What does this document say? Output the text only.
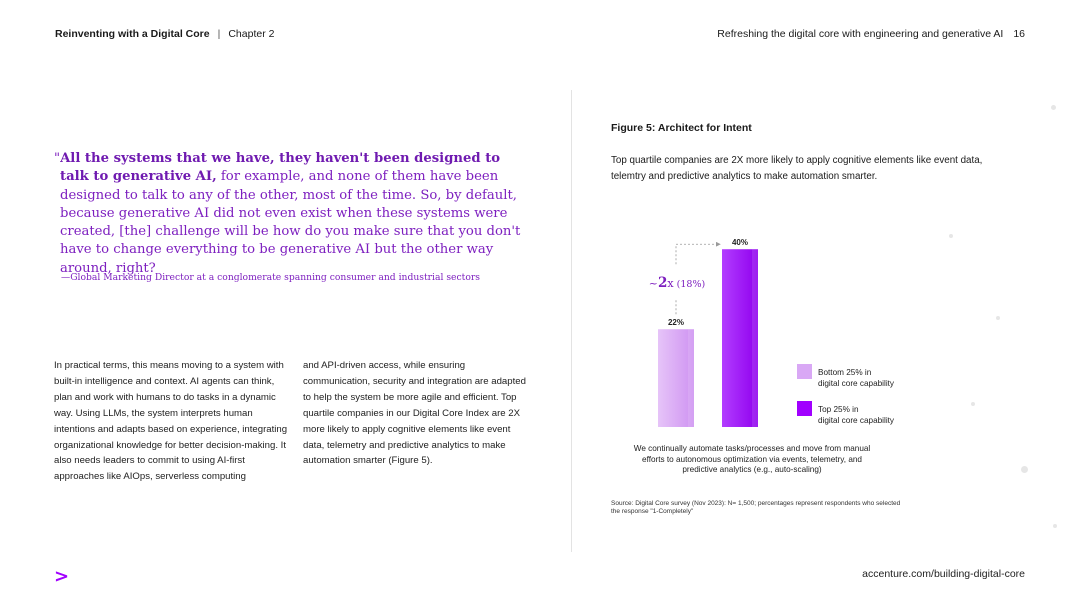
Reinventing with a Digital Core | Chapter 2	Refreshing the digital core with engineering and generative AI 16

"All the systems that we have, they haven't been designed to talk to generative AI, for example, and none of them have been designed to talk to any of the other, most of the time. So, by default, because generative AI did not even exist when these systems were created, [the] challenge will be how do you make sure that you don't have to change everything to be generative AI but the other way around, right?

—Global Marketing Director at a conglomerate spanning consumer and industrial sectors
In practical terms, this means moving to a system with built-in intelligence and context. AI agents can think, plan and work with humans to do tasks in a dynamic way. Using LLMs, the system interprets human intentions and adapts based on experience, integrating organizational knowledge for better decision-making. It also needs leaders to commit to using AI-first approaches like AIOps, serverless computing
and API-driven access, while ensuring communication, security and integration are adapted to help the system be more agile and efficient. Top quartile companies in our Digital Core Index are 2X more likely to apply cognitive elements like event data, telemetry and predictive analytics to make automation smarter (Figure 5).
Figure 5: Architect for Intent
Top quartile companies are 2X more likely to apply cognitive elements like event data, telemtry and predictive analytics to make automation smarter.
22%
40%
~2x (18%)
Bottom 25% in
digital core capability
Top 25% in
digital core capability
We continually automate tasks/processes and move from manual efforts to autonomous optimization via events, telemetry, and predictive analytics (e.g., auto-scaling)
Source: Digital Core survey (Nov 2023): N= 1,500; percentages represent respondents who selected the response "1-Completely"
>	accenture.com/building-digital-core
